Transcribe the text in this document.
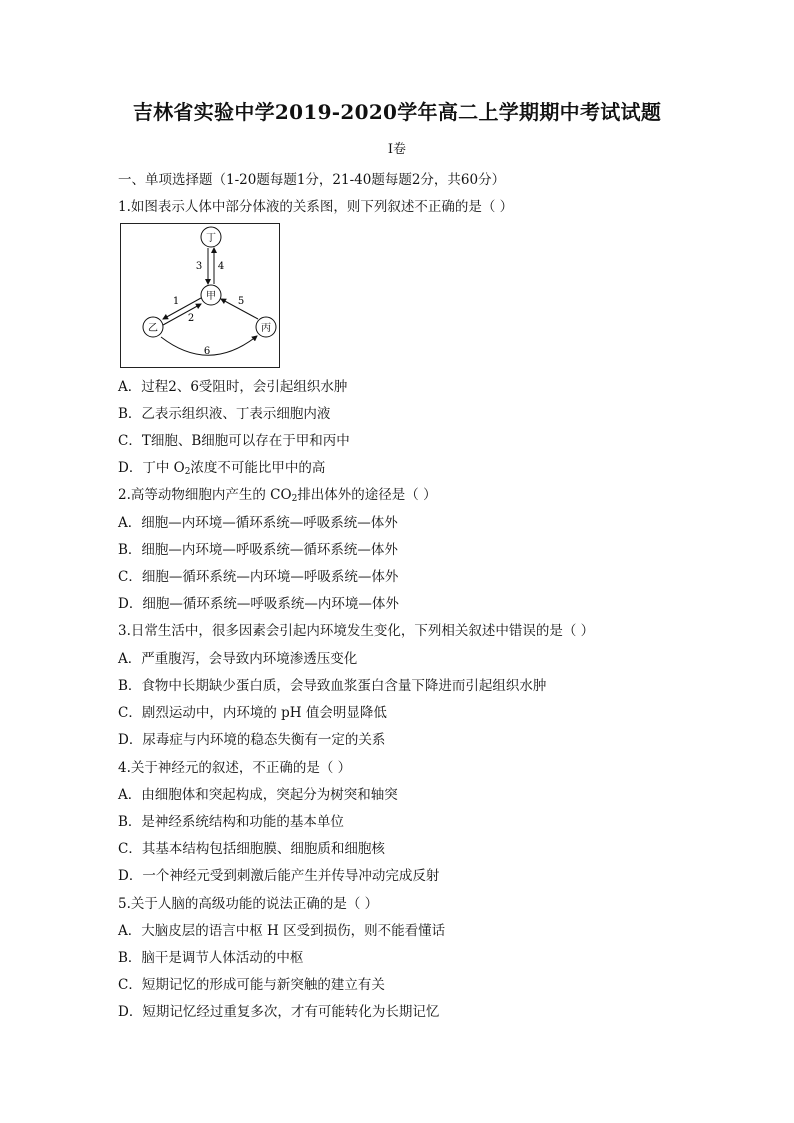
吉林省实验中学2019-2020学年高二上学期期中考试试题
Ⅰ卷
一、单项选择题（1-20题每题1分，21-40题每题2分，共60分）
1.如图表示人体中部分体液的关系图，则下列叙述不正确的是（ ）
丁
甲
乙	丙
3 4
1
2
5
6
A．过程2、6受阻时，会引起组织水肿
B．乙表示组织液、丁表示细胞内液
C．T细胞、B细胞可以存在于甲和丙中
D．丁中 $O_2$浓度不可能比甲中的高
2.高等动物细胞内产生的 $CO_2$排出体外的途径是（ ）
A．细胞—内环境—循环系统—呼吸系统—体外
B．细胞—内环境—呼吸系统—循环系统—体外
C．细胞—循环系统—内环境—呼吸系统—体外
D．细胞—循环系统—呼吸系统—内环境—体外
3.日常生活中，很多因素会引起内环境发生变化，下列相关叙述中错误的是（ ）
A．严重腹泻，会导致内环境渗透压变化
B．食物中长期缺少蛋白质，会导致血浆蛋白含量下降进而引起组织水肿
C．剧烈运动中，内环境的 pH 值会明显降低
D．尿毒症与内环境的稳态失衡有一定的关系
4.关于神经元的叙述，不正确的是（ ）
A．由细胞体和突起构成，突起分为树突和轴突
B．是神经系统结构和功能的基本单位
C．其基本结构包括细胞膜、细胞质和细胞核
D．一个神经元受到刺激后能产生并传导冲动完成反射
5.关于人脑的高级功能的说法正确的是（ ）
A．大脑皮层的语言中枢 H 区受到损伤，则不能看懂话
B．脑干是调节人体活动的中枢
C．短期记忆的形成可能与新突触的建立有关
D．短期记忆经过重复多次，才有可能转化为长期记忆
